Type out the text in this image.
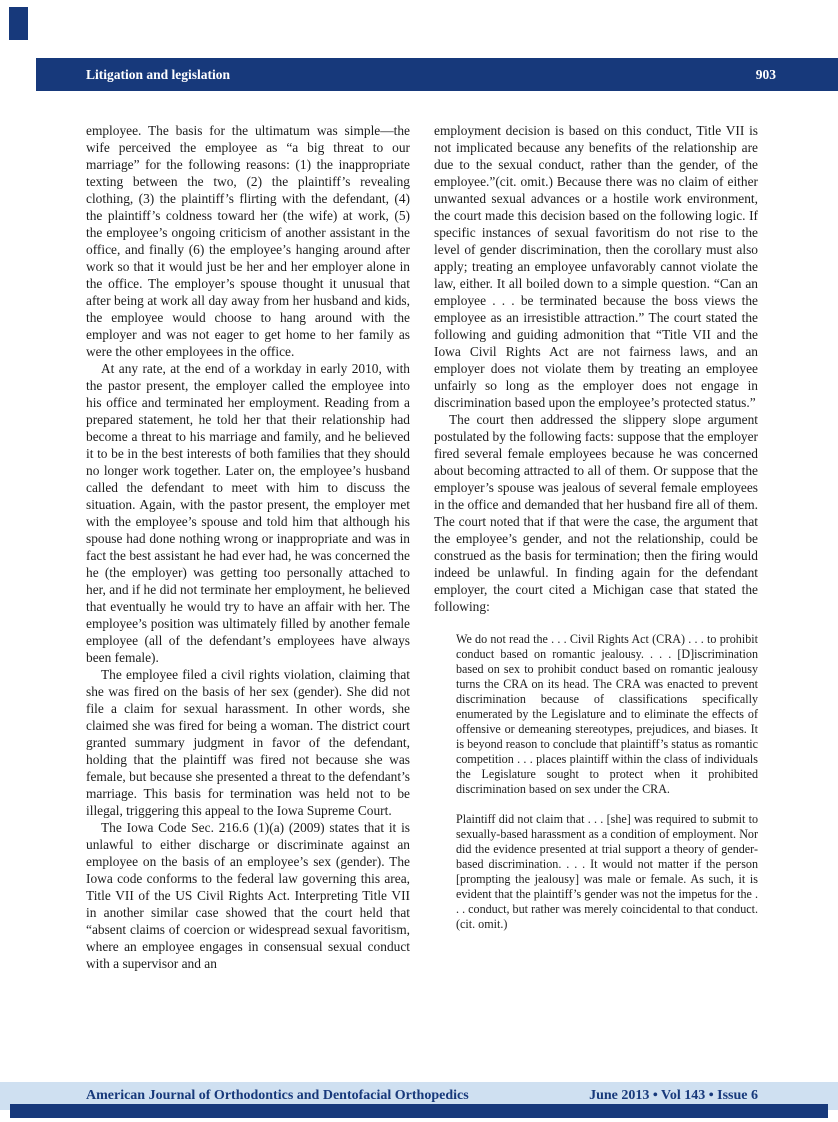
Litigation and legislation	903

employee. The basis for the ultimatum was simple—the wife perceived the employee as “a big threat to our marriage” for the following reasons: (1) the inappropriate texting between the two, (2) the plaintiff’s revealing clothing, (3) the plaintiff’s flirting with the defendant, (4) the plaintiff’s coldness toward her (the wife) at work, (5) the employee’s ongoing criticism of another assistant in the office, and finally (6) the employee’s hanging around after work so that it would just be her and her employer alone in the office. The employer’s spouse thought it unusual that after being at work all day away from her husband and kids, the employee would choose to hang around with the employer and was not eager to get home to her family as were the other employees in the office.

At any rate, at the end of a workday in early 2010, with the pastor present, the employer called the employee into his office and terminated her employment. Reading from a prepared statement, he told her that their relationship had become a threat to his marriage and family, and he believed it to be in the best interests of both families that they should no longer work together. Later on, the employee’s husband called the defendant to meet with him to discuss the situation. Again, with the pastor present, the employer met with the employee’s spouse and told him that although his spouse had done nothing wrong or inappropriate and was in fact the best assistant he had ever had, he was concerned the he (the employer) was getting too personally attached to her, and if he did not terminate her employment, he believed that eventually he would try to have an affair with her. The employee’s position was ultimately filled by another female employee (all of the defendant’s employees have always been female).

The employee filed a civil rights violation, claiming that she was fired on the basis of her sex (gender). She did not file a claim for sexual harassment. In other words, she claimed she was fired for being a woman. The district court granted summary judgment in favor of the defendant, holding that the plaintiff was fired not because she was female, but because she presented a threat to the defendant’s marriage. This basis for termination was held not to be illegal, triggering this appeal to the Iowa Supreme Court.

The Iowa Code Sec. 216.6 (1)(a) (2009) states that it is unlawful to either discharge or discriminate against an employee on the basis of an employee’s sex (gender). The Iowa code conforms to the federal law governing this area, Title VII of the US Civil Rights Act. Interpreting Title VII in another similar case showed that the court held that “absent claims of coercion or widespread sexual favoritism, where an employee engages in consensual sexual conduct with a supervisor and an

employment decision is based on this conduct, Title VII is not implicated because any benefits of the relationship are due to the sexual conduct, rather than the gender, of the employee.”(cit. omit.) Because there was no claim of either unwanted sexual advances or a hostile work environment, the court made this decision based on the following logic. If specific instances of sexual favoritism do not rise to the level of gender discrimination, then the corollary must also apply; treating an employee unfavorably cannot violate the law, either. It all boiled down to a simple question. “Can an employee . . . be terminated because the boss views the employee as an irresistible attraction.” The court stated the following and guiding admonition that “Title VII and the Iowa Civil Rights Act are not fairness laws, and an employer does not violate them by treating an employee unfairly so long as the employer does not engage in discrimination based upon the employee’s protected status.”

The court then addressed the slippery slope argument postulated by the following facts: suppose that the employer fired several female employees because he was concerned about becoming attracted to all of them. Or suppose that the employer’s spouse was jealous of several female employees in the office and demanded that her husband fire all of them. The court noted that if that were the case, the argument that the employee’s gender, and not the relationship, could be construed as the basis for termination; then the firing would indeed be unlawful. In finding again for the defendant employer, the court cited a Michigan case that stated the following:

We do not read the . . . Civil Rights Act (CRA) . . . to prohibit conduct based on romantic jealousy. . . . [D]iscrimination based on sex to prohibit conduct based on romantic jealousy turns the CRA on its head. The CRA was enacted to prevent discrimination because of classifications specifically enumerated by the Legislature and to eliminate the effects of offensive or demeaning stereotypes, prejudices, and biases. It is beyond reason to conclude that plaintiff’s status as romantic competition . . . places plaintiff within the class of individuals the Legislature sought to protect when it prohibited discrimination based on sex under the CRA.

Plaintiff did not claim that . . . [she] was required to submit to sexually-based harassment as a condition of employment. Nor did the evidence presented at trial support a theory of gender-based discrimination. . . . It would not matter if the person [prompting the jealousy] was male or female. As such, it is evident that the plaintiff’s gender was not the impetus for the . . . conduct, but rather was merely coincidental to that conduct. (cit. omit.)

American Journal of Orthodontics and Dentofacial Orthopedics	June 2013 • Vol 143 • Issue 6
